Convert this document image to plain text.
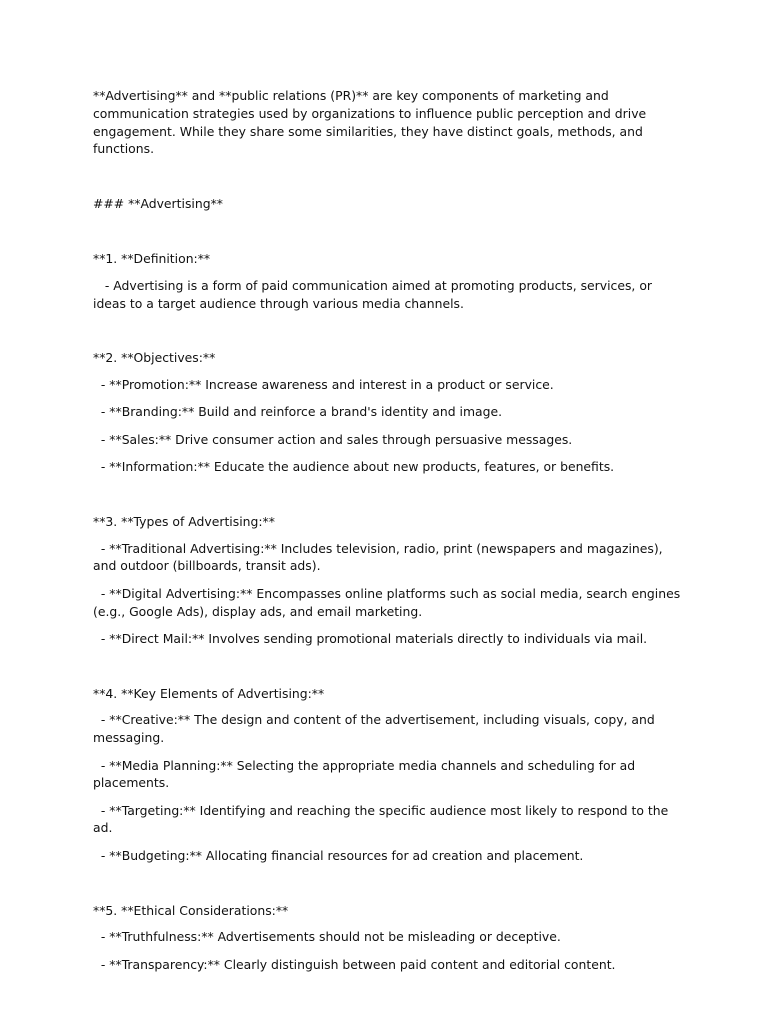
**Advertising** and **public relations (PR)** are key components of marketing and communication strategies used by organizations to influence public perception and drive engagement. While they share some similarities, they have distinct goals, methods, and functions.

### **Advertising**

**1. **Definition:**

- Advertising is a form of paid communication aimed at promoting products, services, or ideas to a target audience through various media channels.

**2. **Objectives:**

- **Promotion:** Increase awareness and interest in a product or service.

- **Branding:** Build and reinforce a brand's identity and image.

- **Sales:** Drive consumer action and sales through persuasive messages.

- **Information:** Educate the audience about new products, features, or benefits.

**3. **Types of Advertising:**

- **Traditional Advertising:** Includes television, radio, print (newspapers and magazines), and outdoor (billboards, transit ads).

- **Digital Advertising:** Encompasses online platforms such as social media, search engines (e.g., Google Ads), display ads, and email marketing.

- **Direct Mail:** Involves sending promotional materials directly to individuals via mail.

**4. **Key Elements of Advertising:**

- **Creative:** The design and content of the advertisement, including visuals, copy, and messaging.

- **Media Planning:** Selecting the appropriate media channels and scheduling for ad placements.

- **Targeting:** Identifying and reaching the specific audience most likely to respond to the ad.

- **Budgeting:** Allocating financial resources for ad creation and placement.

**5. **Ethical Considerations:**

- **Truthfulness:** Advertisements should not be misleading or deceptive.

- **Transparency:** Clearly distinguish between paid content and editorial content.
